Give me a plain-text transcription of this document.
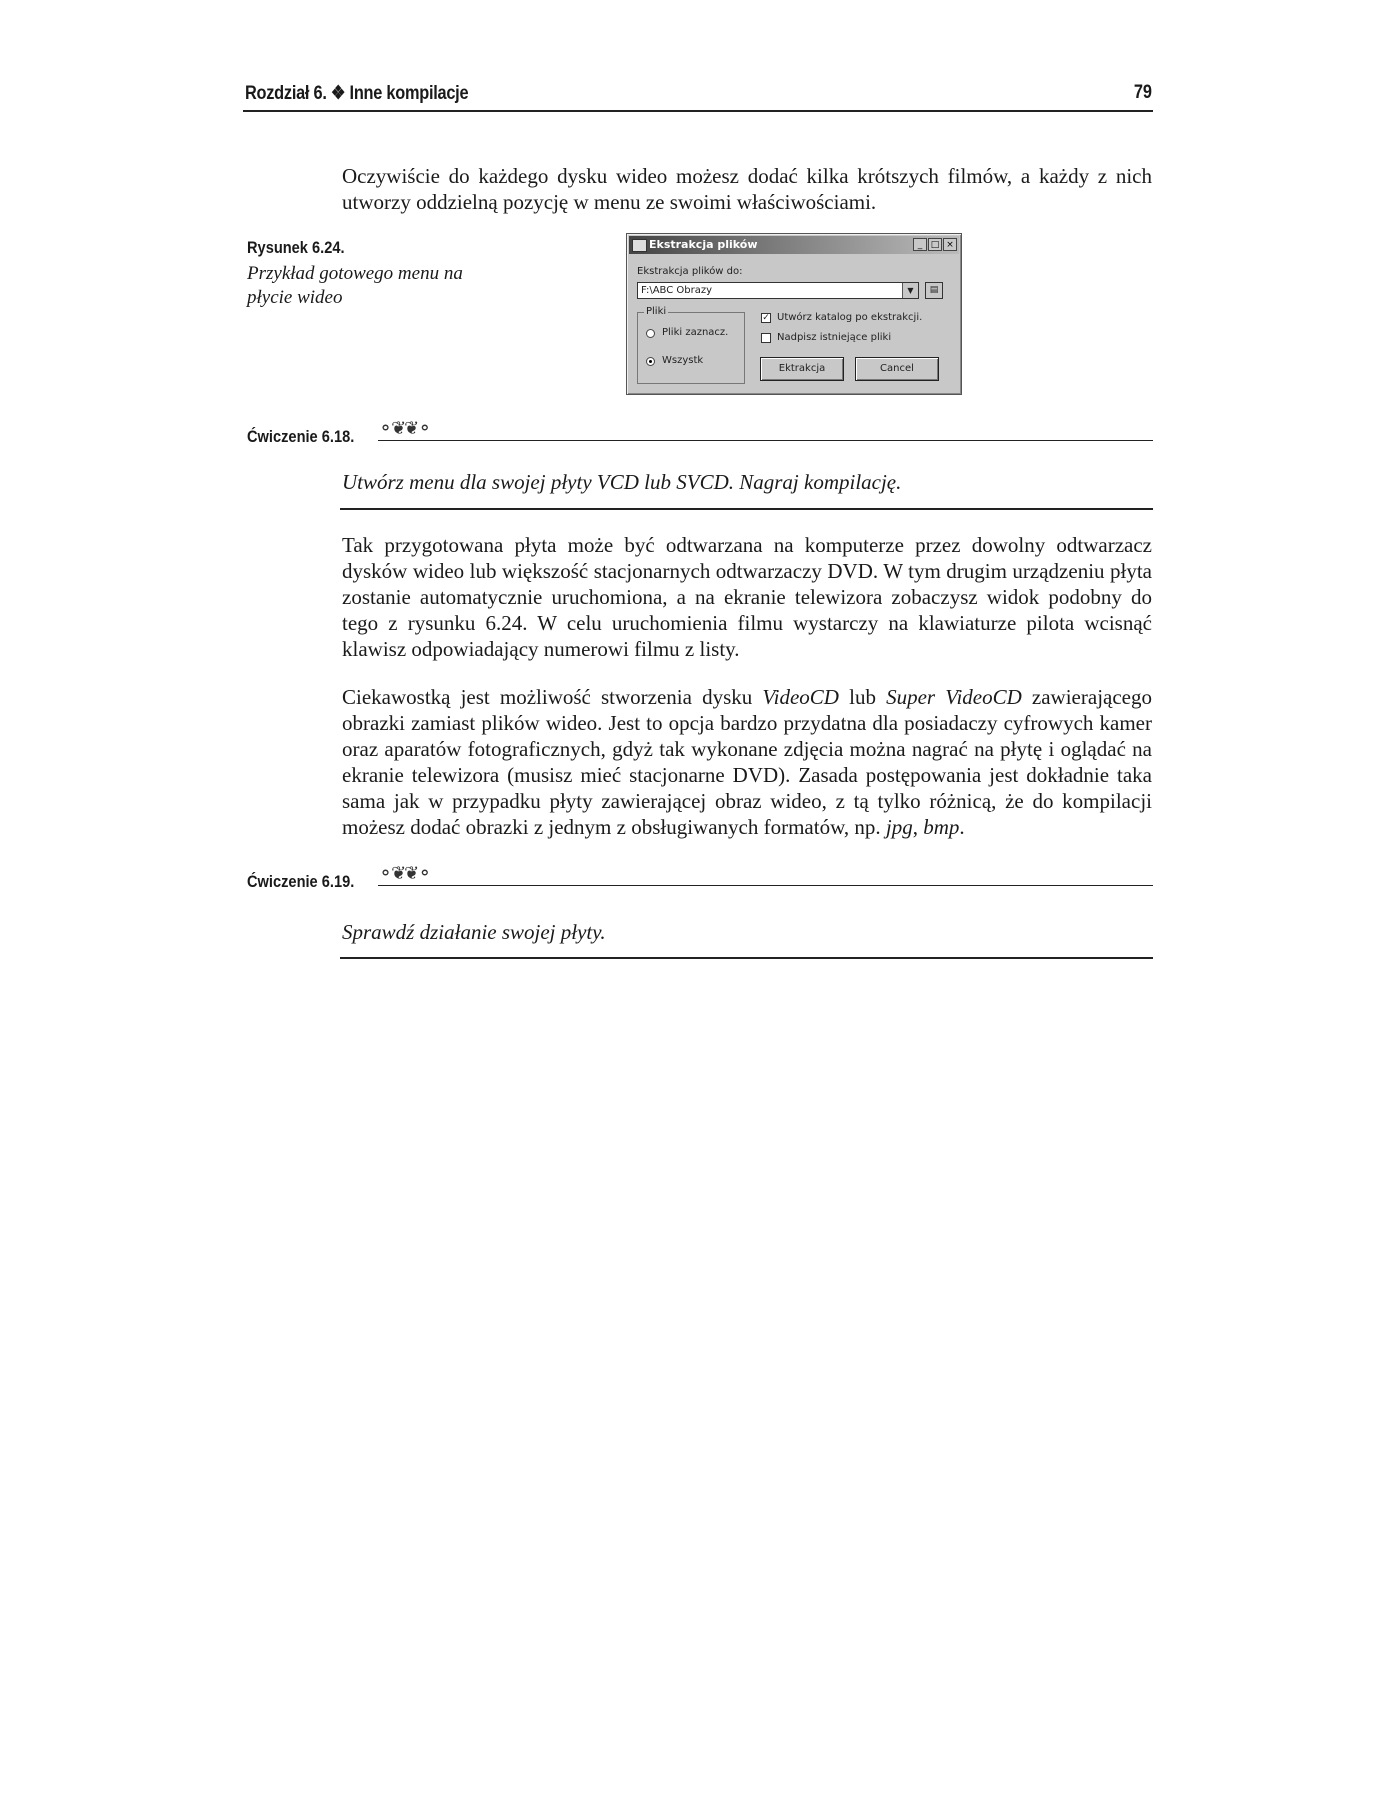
Rozdział 6. ❖ Inne kompilacje	79

Oczywiście do każdego dysku wideo możesz dodać kilka krótszych filmów, a każdy z nich utworzy oddzielną pozycję w menu ze swoimi właściwościami.

Rysunek 6.24.
Przykład gotowego menu na płycie wideo
Ekstrakcja plików	_ □ ×
Ekstrakcja plików do:
F:\ABC Obrazy	▼	▤
Pliki
Pliki zaznacz.
Wszystk
✓ Utwórz katalog po ekstrakcji.
Nadpisz istniejące pliki
Ektrakcja	Cancel
Ćwiczenie 6.18. ⚬❦❦⚬
Utwórz menu dla swojej płyty VCD lub SVCD. Nagraj kompilację.

Tak przygotowana płyta może być odtwarzana na komputerze przez dowolny odtwarzacz dysków wideo lub większość stacjonarnych odtwarzaczy DVD. W tym drugim urządzeniu płyta zostanie automatycznie uruchomiona, a na ekranie telewizora zobaczysz widok podobny do tego z rysunku 6.24. W celu uruchomienia filmu wystarczy na klawiaturze pilota wcisnąć klawisz odpowiadający numerowi filmu z listy.

Ciekawostką jest możliwość stworzenia dysku VideoCD lub Super VideoCD zawierającego obrazki zamiast plików wideo. Jest to opcja bardzo przydatna dla posiadaczy cyfrowych kamer oraz aparatów fotograficznych, gdyż tak wykonane zdjęcia można nagrać na płytę i oglądać na ekranie telewizora (musisz mieć stacjonarne DVD). Zasada postępowania jest dokładnie taka sama jak w przypadku płyty zawierającej obraz wideo, z tą tylko różnicą, że do kompilacji możesz dodać obrazki z jednym z obsługiwanych formatów, np. jpg, bmp.

Ćwiczenie 6.19. ⚬❦❦⚬
Sprawdź działanie swojej płyty.
